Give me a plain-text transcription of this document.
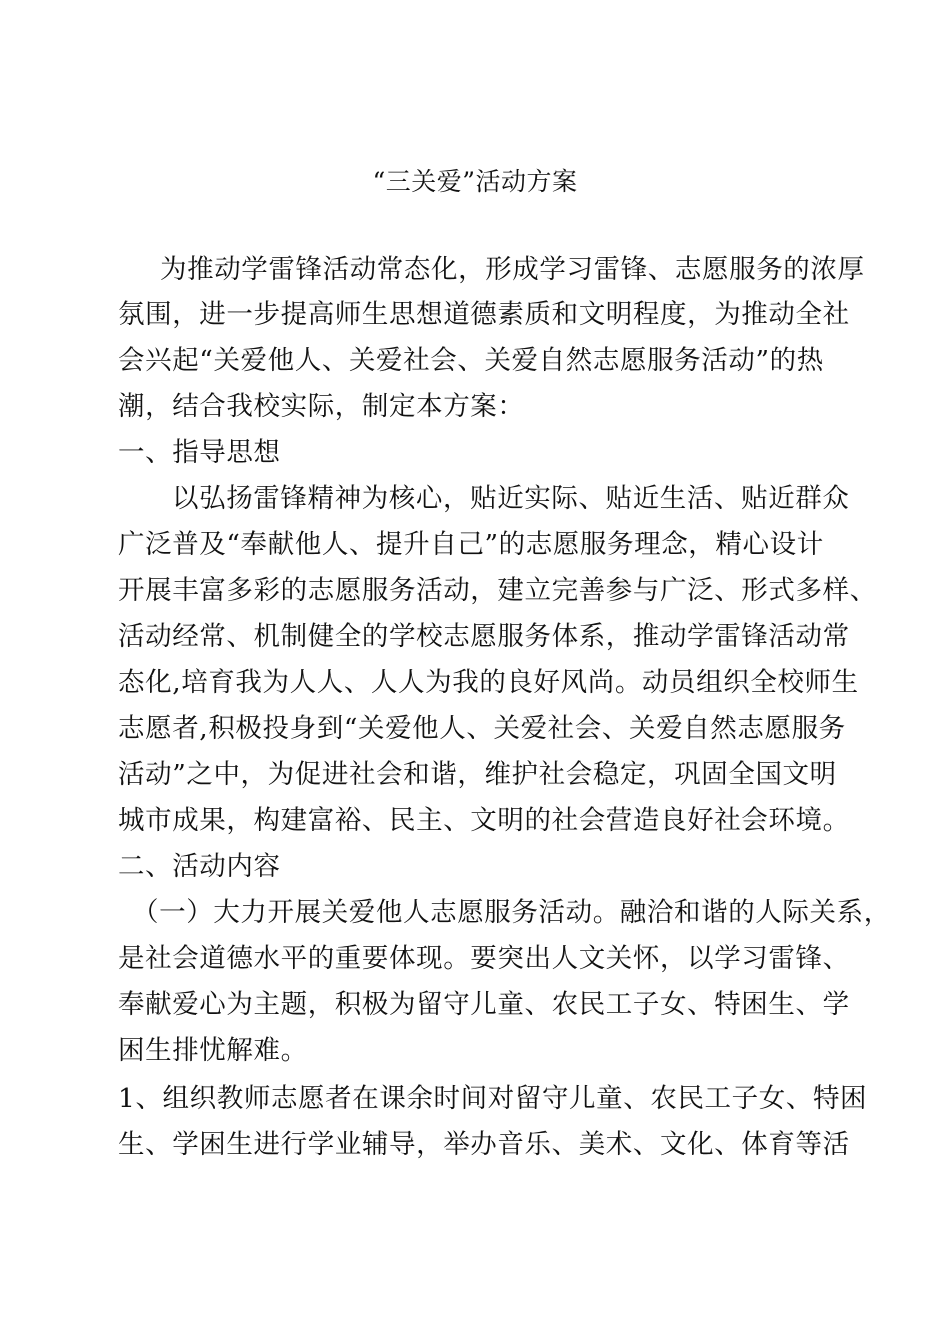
“三关爱”活动方案
为推动学雷锋活动常态化，形成学习雷锋、志愿服务的浓厚
氛围，进一步提高师生思想道德素质和文明程度，为推动全社
会兴起“关爱他人、关爱社会、关爱自然志愿服务活动”的热
潮，结合我校实际，制定本方案：
一、指导思想
以弘扬雷锋精神为核心，贴近实际、贴近生活、贴近群众
广泛普及“奉献他人、提升自己”的志愿服务理念，精心设计
开展丰富多彩的志愿服务活动，建立完善参与广泛、形式多样、
活动经常、机制健全的学校志愿服务体系，推动学雷锋活动常
态化,培育我为人人、人人为我的良好风尚。动员组织全校师生
志愿者,积极投身到“关爱他人、关爱社会、关爱自然志愿服务
活动”之中，为促进社会和谐，维护社会稳定，巩固全国文明
城市成果，构建富裕、民主、文明的社会营造良好社会环境。
二、活动内容
（一）大力开展关爱他人志愿服务活动。融洽和谐的人际关系，
是社会道德水平的重要体现。要突出人文关怀，以学习雷锋、
奉献爱心为主题，积极为留守儿童、农民工子女、特困生、学
困生排忧解难。
1、组织教师志愿者在课余时间对留守儿童、农民工子女、特困
生、学困生进行学业辅导，举办音乐、美术、文化、体育等活
